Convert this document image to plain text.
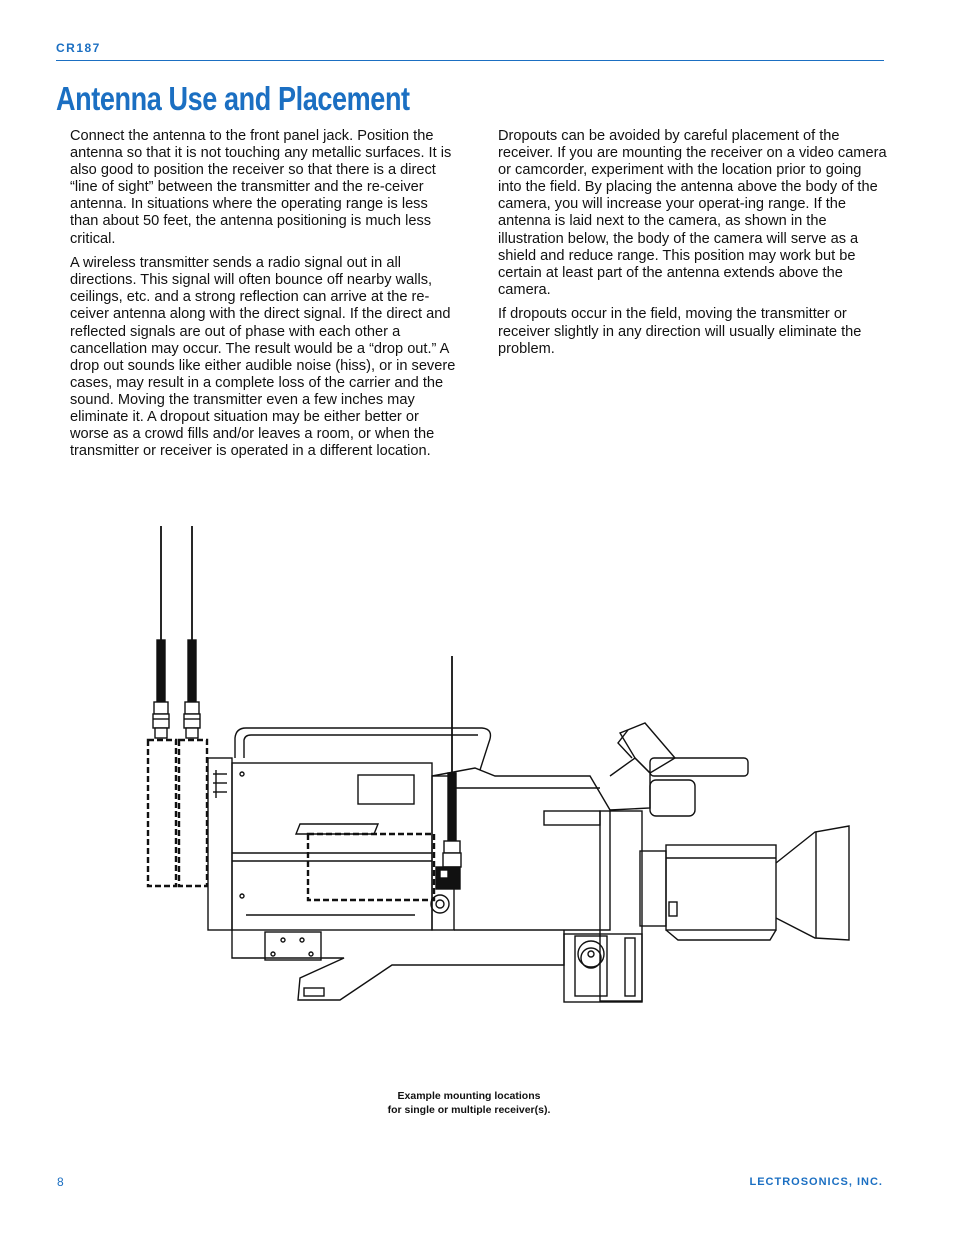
CR187
Antenna Use and Placement

Connect the antenna to the front panel jack. Position the antenna so that it is not touching any metallic surfaces. It is also good to position the receiver so that there is a direct “line of sight” between the transmitter and the re-ceiver antenna. In situations where the operating range is less than about 50 feet, the antenna positioning is much less critical.

A wireless transmitter sends a radio signal out in all directions. This signal will often bounce off nearby walls, ceilings, etc. and a strong reflection can arrive at the re-ceiver antenna along with the direct signal. If the direct and reflected signals are out of phase with each other a cancellation may occur. The result would be a “drop out.” A drop out sounds like either audible noise (hiss), or in severe cases, may result in a complete loss of the carrier and the sound. Moving the transmitter even a few inches may eliminate it. A dropout situation may be either better or worse as a crowd fills and/or leaves a room, or when the transmitter or receiver is operated in a different location.

Dropouts can be avoided by careful placement of the receiver. If you are mounting the receiver on a video camera or camcorder, experiment with the location prior to going into the field. By placing the antenna above the body of the camera, you will increase your operat-ing range. If the antenna is laid next to the camera, as shown in the illustration below, the body of the camera will serve as a shield and reduce range. This position may work but be certain at least part of the antenna extends above the camera.

If dropouts occur in the field, moving the transmitter or receiver slightly in any direction will usually eliminate the problem.

Example mounting locations
for single or multiple receiver(s).
8	LECTROSONICS, INC.
